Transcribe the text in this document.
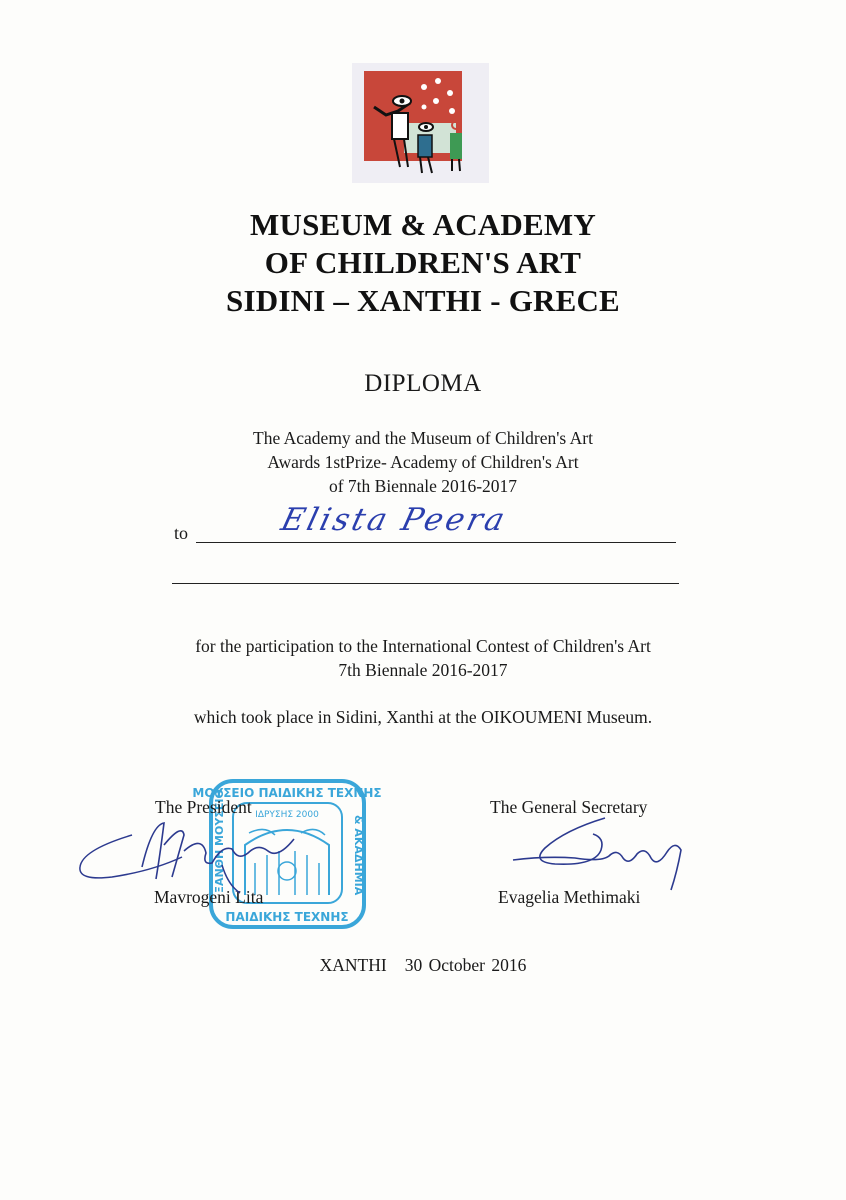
MUSEUM & ACADEMY
OF CHILDREN'S ART
SIDINI – XANTHI - GRECE
DIPLOMA
The Academy and the Museum of Children's Art
Awards 1stPrize- Academy of Children's Art
of 7th Biennale 2016-2017
to	Elista Peera
for the participation to the International Contest of Children's Art
7th Biennale 2016-2017
which took place in Sidini, Xanthi at the OIKOUMENI Museum.
ΜΟΥΣΕΙΟ ΠΑΙΔΙΚΗΣ ΤΕΧΝΗΣ
ΠΑΙΔΙΚΗΣ ΤΕΧΝΗΣ
ΙΔΡΥΣΗΣ 2000	& ΑΚΑΔΗΜΙΑ
ΞΑΝΘΗ ΜΟΥΣΕΙΟ
The President
Mavrogeni Lita
The General Secretary
Evagelia Methimaki
XANTHI 30 October 2016
